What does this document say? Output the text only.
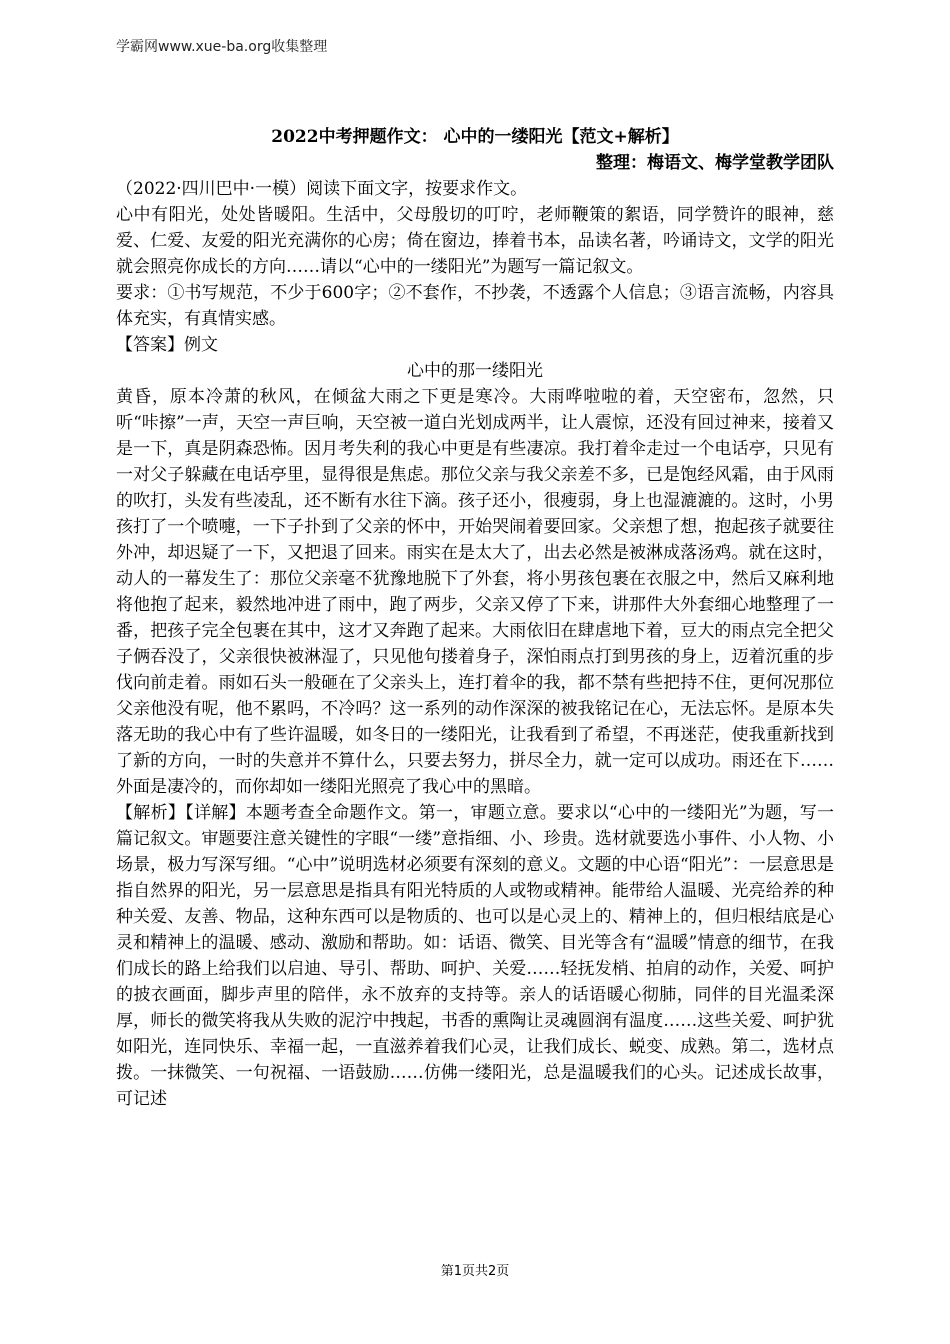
学霸网www.xue-ba.org收集整理
2022中考押题作文： 心中的一缕阳光【范文+解析】
整理：梅语文、梅学堂教学团队

（2022·四川巴中·一模）阅读下面文字，按要求作文。

心中有阳光，处处皆暖阳。生活中，父母殷切的叮咛，老师鞭策的絮语，同学赞许的眼神，慈爱、仁爱、友爱的阳光充满你的心房；倚在窗边，捧着书本，品读名著，吟诵诗文，文学的阳光就会照亮你成长的方向……请以“心中的一缕阳光”为题写一篇记叙文。

要求：①书写规范，不少于600字；②不套作，不抄袭，不透露个人信息；③语言流畅，内容具体充实，有真情实感。

【答案】例文

心中的那一缕阳光

黄昏，原本冷萧的秋风，在倾盆大雨之下更是寒冷。大雨哗啦啦的着，天空密布，忽然，只听“咔擦”一声，天空一声巨响，天空被一道白光划成两半，让人震惊，还没有回过神来，接着又是一下，真是阴森恐怖。因月考失利的我心中更是有些凄凉。我打着伞走过一个电话亭，只见有一对父子躲藏在电话亭里，显得很是焦虑。那位父亲与我父亲差不多，已是饱经风霜，由于风雨的吹打，头发有些凌乱，还不断有水往下滴。孩子还小，很瘦弱，身上也湿漉漉的。这时，小男孩打了一个喷嚏，一下子扑到了父亲的怀中，开始哭闹着要回家。父亲想了想，抱起孩子就要往外冲，却迟疑了一下，又把退了回来。雨实在是太大了，出去必然是被淋成落汤鸡。就在这时，动人的一幕发生了：那位父亲毫不犹豫地脱下了外套，将小男孩包裹在衣服之中，然后又麻利地将他抱了起来，毅然地冲进了雨中，跑了两步，父亲又停了下来，讲那件大外套细心地整理了一番，把孩子完全包裹在其中，这才又奔跑了起来。大雨依旧在肆虐地下着，豆大的雨点完全把父子俩吞没了，父亲很快被淋湿了，只见他句搂着身子，深怕雨点打到男孩的身上，迈着沉重的步伐向前走着。雨如石头一般砸在了父亲头上，连打着伞的我，都不禁有些把持不住，更何况那位父亲他没有呢，他不累吗，不冷吗？这一系列的动作深深的被我铭记在心，无法忘怀。是原本失落无助的我心中有了些许温暖，如冬日的一缕阳光，让我看到了希望，不再迷茫，使我重新找到了新的方向，一时的失意并不算什么，只要去努力，拼尽全力，就一定可以成功。雨还在下……外面是凄冷的，而你却如一缕阳光照亮了我心中的黑暗。

【解析】【详解】本题考查全命题作文。第一，审题立意。要求以“心中的一缕阳光”为题，写一篇记叙文。审题要注意关键性的字眼“一缕”意指细、小、珍贵。选材就要选小事件、小人物、小场景，极力写深写细。“心中”说明选材必须要有深刻的意义。文题的中心语“阳光”：一层意思是指自然界的阳光，另一层意思是指具有阳光特质的人或物或精神。能带给人温暖、光亮给养的种种关爱、友善、物品，这种东西可以是物质的、也可以是心灵上的、精神上的，但归根结底是心灵和精神上的温暖、感动、激励和帮助。如：话语、微笑、目光等含有“温暖”情意的细节，在我们成长的路上给我们以启迪、导引、帮助、呵护、关爱……轻抚发梢、拍肩的动作，关爱、呵护的披衣画面，脚步声里的陪伴，永不放弃的支持等。亲人的话语暖心彻肺，同伴的目光温柔深厚，师长的微笑将我从失败的泥泞中拽起，书香的熏陶让灵魂圆润有温度……这些关爱、呵护犹如阳光，连同快乐、幸福一起，一直滋养着我们心灵，让我们成长、蜕变、成熟。第二，选材点拨。一抹微笑、一句祝福、一语鼓励……仿佛一缕阳光，总是温暖我们的心头。记述成长故事，可记述

第1页共2页
